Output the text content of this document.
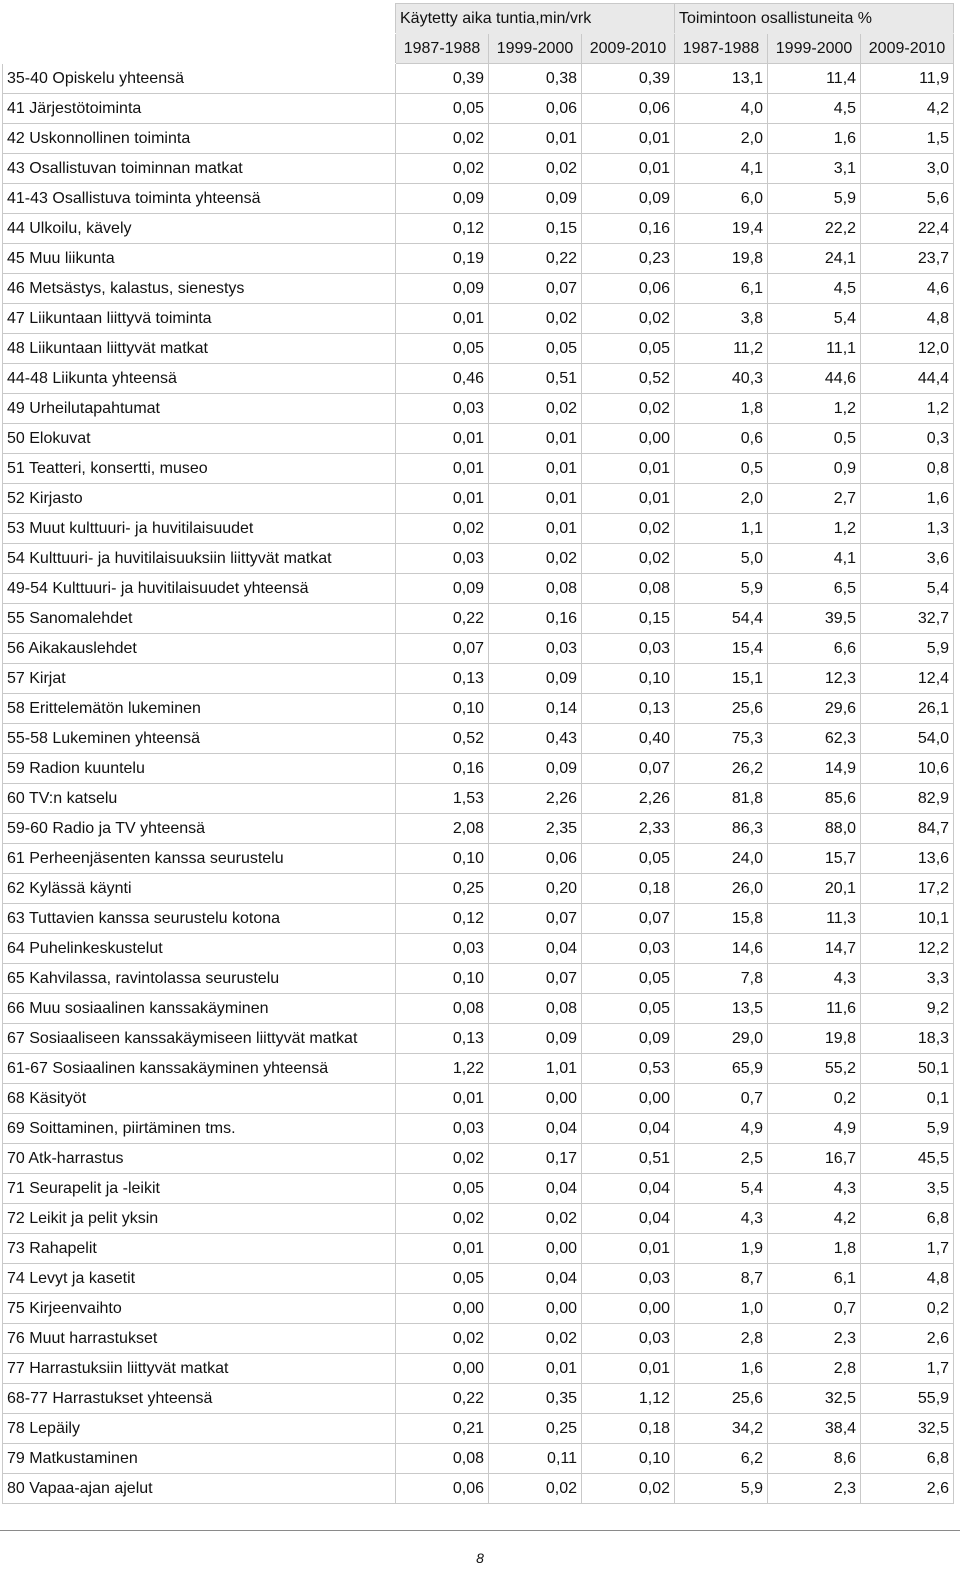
	Käytetty aika tuntia,min/vrk			Toimintoon osallistuneita %		
	1987-1988	1999-2000	2009-2010	1987-1988	1999-2000	2009-2010
35-40 Opiskelu yhteensä	0,39	0,38	0,39	13,1	11,4	11,9
41 Järjestötoiminta	0,05	0,06	0,06	4,0	4,5	4,2
42 Uskonnollinen toiminta	0,02	0,01	0,01	2,0	1,6	1,5
43 Osallistuvan toiminnan matkat	0,02	0,02	0,01	4,1	3,1	3,0
41-43 Osallistuva toiminta yhteensä	0,09	0,09	0,09	6,0	5,9	5,6
44 Ulkoilu, kävely	0,12	0,15	0,16	19,4	22,2	22,4
45 Muu liikunta	0,19	0,22	0,23	19,8	24,1	23,7
46 Metsästys, kalastus, sienestys	0,09	0,07	0,06	6,1	4,5	4,6
47 Liikuntaan liittyvä toiminta	0,01	0,02	0,02	3,8	5,4	4,8
48 Liikuntaan liittyvät matkat	0,05	0,05	0,05	11,2	11,1	12,0
44-48 Liikunta yhteensä	0,46	0,51	0,52	40,3	44,6	44,4
49 Urheilutapahtumat	0,03	0,02	0,02	1,8	1,2	1,2
50 Elokuvat	0,01	0,01	0,00	0,6	0,5	0,3
51 Teatteri, konsertti, museo	0,01	0,01	0,01	0,5	0,9	0,8
52 Kirjasto	0,01	0,01	0,01	2,0	2,7	1,6
53 Muut kulttuuri- ja huvitilaisuudet	0,02	0,01	0,02	1,1	1,2	1,3
54 Kulttuuri- ja huvitilaisuuksiin liittyvät matkat	0,03	0,02	0,02	5,0	4,1	3,6
49-54 Kulttuuri- ja huvitilaisuudet yhteensä	0,09	0,08	0,08	5,9	6,5	5,4
55 Sanomalehdet	0,22	0,16	0,15	54,4	39,5	32,7
56 Aikakauslehdet	0,07	0,03	0,03	15,4	6,6	5,9
57 Kirjat	0,13	0,09	0,10	15,1	12,3	12,4
58 Erittelemätön lukeminen	0,10	0,14	0,13	25,6	29,6	26,1
55-58 Lukeminen yhteensä	0,52	0,43	0,40	75,3	62,3	54,0
59 Radion kuuntelu	0,16	0,09	0,07	26,2	14,9	10,6
60 TV:n katselu	1,53	2,26	2,26	81,8	85,6	82,9
59-60 Radio ja TV yhteensä	2,08	2,35	2,33	86,3	88,0	84,7
61 Perheenjäsenten kanssa seurustelu	0,10	0,06	0,05	24,0	15,7	13,6
62 Kylässä käynti	0,25	0,20	0,18	26,0	20,1	17,2
63 Tuttavien kanssa seurustelu kotona	0,12	0,07	0,07	15,8	11,3	10,1
64 Puhelinkeskustelut	0,03	0,04	0,03	14,6	14,7	12,2
65 Kahvilassa, ravintolassa seurustelu	0,10	0,07	0,05	7,8	4,3	3,3
66 Muu sosiaalinen kanssakäyminen	0,08	0,08	0,05	13,5	11,6	9,2
67 Sosiaaliseen kanssakäymiseen liittyvät matkat	0,13	0,09	0,09	29,0	19,8	18,3
61-67 Sosiaalinen kanssakäyminen yhteensä	1,22	1,01	0,53	65,9	55,2	50,1
68 Käsityöt	0,01	0,00	0,00	0,7	0,2	0,1
69 Soittaminen, piirtäminen tms.	0,03	0,04	0,04	4,9	4,9	5,9
70 Atk-harrastus	0,02	0,17	0,51	2,5	16,7	45,5
71 Seurapelit ja -leikit	0,05	0,04	0,04	5,4	4,3	3,5
72 Leikit ja pelit yksin	0,02	0,02	0,04	4,3	4,2	6,8
73 Rahapelit	0,01	0,00	0,01	1,9	1,8	1,7
74 Levyt ja kasetit	0,05	0,04	0,03	8,7	6,1	4,8
75 Kirjeenvaihto	0,00	0,00	0,00	1,0	0,7	0,2
76 Muut harrastukset	0,02	0,02	0,03	2,8	2,3	2,6
77 Harrastuksiin liittyvät matkat	0,00	0,01	0,01	1,6	2,8	1,7
68-77 Harrastukset yhteensä	0,22	0,35	1,12	25,6	32,5	55,9
78 Lepäily	0,21	0,25	0,18	34,2	38,4	32,5
79 Matkustaminen	0,08	0,11	0,10	6,2	8,6	6,8
80 Vapaa-ajan ajelut	0,06	0,02	0,02	5,9	2,3	2,6
8
